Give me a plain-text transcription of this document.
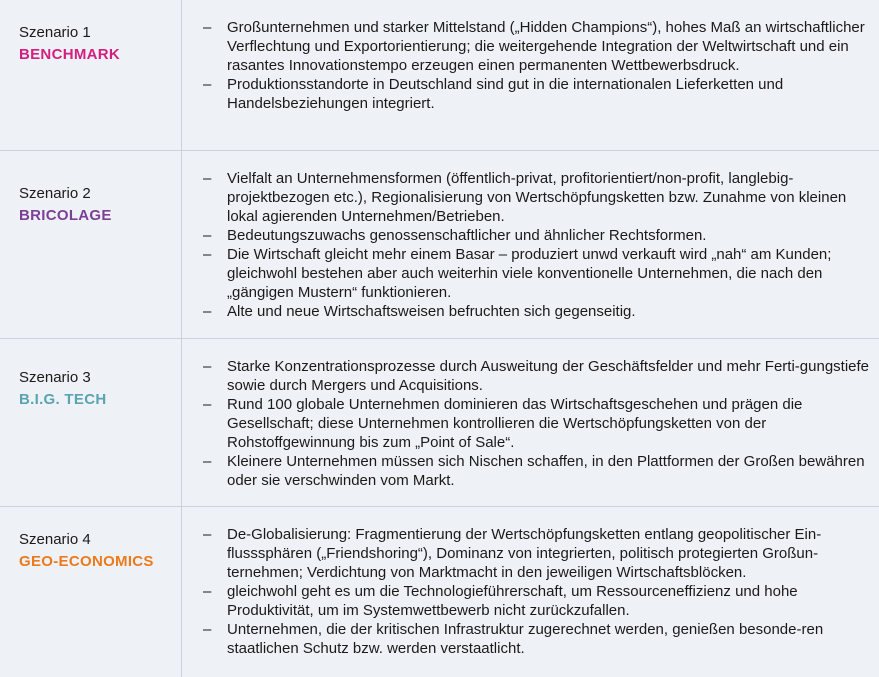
Szenario 1
BENCHMARK
–	Großunternehmen und starker Mittelstand („Hidden Champions“), hohes Maß an wirtschaftlicher Verflechtung und Exportorientierung; die weitergehende Integration der Weltwirtschaft und ein rasantes Innovationstempo erzeugen einen permanenten Wettbewerbsdruck.
–	Produktionsstandorte in Deutschland sind gut in die internationalen Lieferketten und Handelsbeziehungen integriert.
Szenario 2
BRICOLAGE
–	Vielfalt an Unternehmensformen (öffentlich-privat, profitorientiert/non-profit, langlebig-projektbezogen etc.), Regionalisierung von Wertschöpfungsketten bzw. Zunahme von kleinen lokal agierenden Unternehmen/Betrieben.
–	Bedeutungszuwachs genossenschaftlicher und ähnlicher Rechtsformen.
–	Die Wirtschaft gleicht mehr einem Basar – produziert unwd verkauft wird „nah“ am Kunden; gleichwohl bestehen aber auch weiterhin viele konventionelle Unternehmen, die nach den „gängigen Mustern“ funktionieren.
–	Alte und neue Wirtschaftsweisen befruchten sich gegenseitig.
Szenario 3
B.I.G. TECH
–	Starke Konzentrationsprozesse durch Ausweitung der Geschäftsfelder und mehr Ferti-gungstiefe sowie durch Mergers und Acquisitions.
–	Rund 100 globale Unternehmen dominieren das Wirtschaftsgeschehen und prägen die Gesellschaft; diese Unternehmen kontrollieren die Wertschöpfungsketten von der Rohstoffgewinnung bis zum „Point of Sale“.
–	Kleinere Unternehmen müssen sich Nischen schaffen, in den Plattformen der Großen bewähren oder sie verschwinden vom Markt.
Szenario 4
GEO-ECONOMICS
–	De-Globalisierung: Fragmentierung der Wertschöpfungsketten entlang geopolitischer Ein-flusssphären („Friendshoring“), Dominanz von integrierten, politisch protegierten Großun-ternehmen; Verdichtung von Marktmacht in den jeweiligen Wirtschaftsblöcken.
–	gleichwohl geht es um die Technologieführerschaft, um Ressourceneffizienz und hohe Produktivität, um im Systemwettbewerb nicht zurückzufallen.
–	Unternehmen, die der kritischen Infrastruktur zugerechnet werden, genießen besonde-ren staatlichen Schutz bzw. werden verstaatlicht.
